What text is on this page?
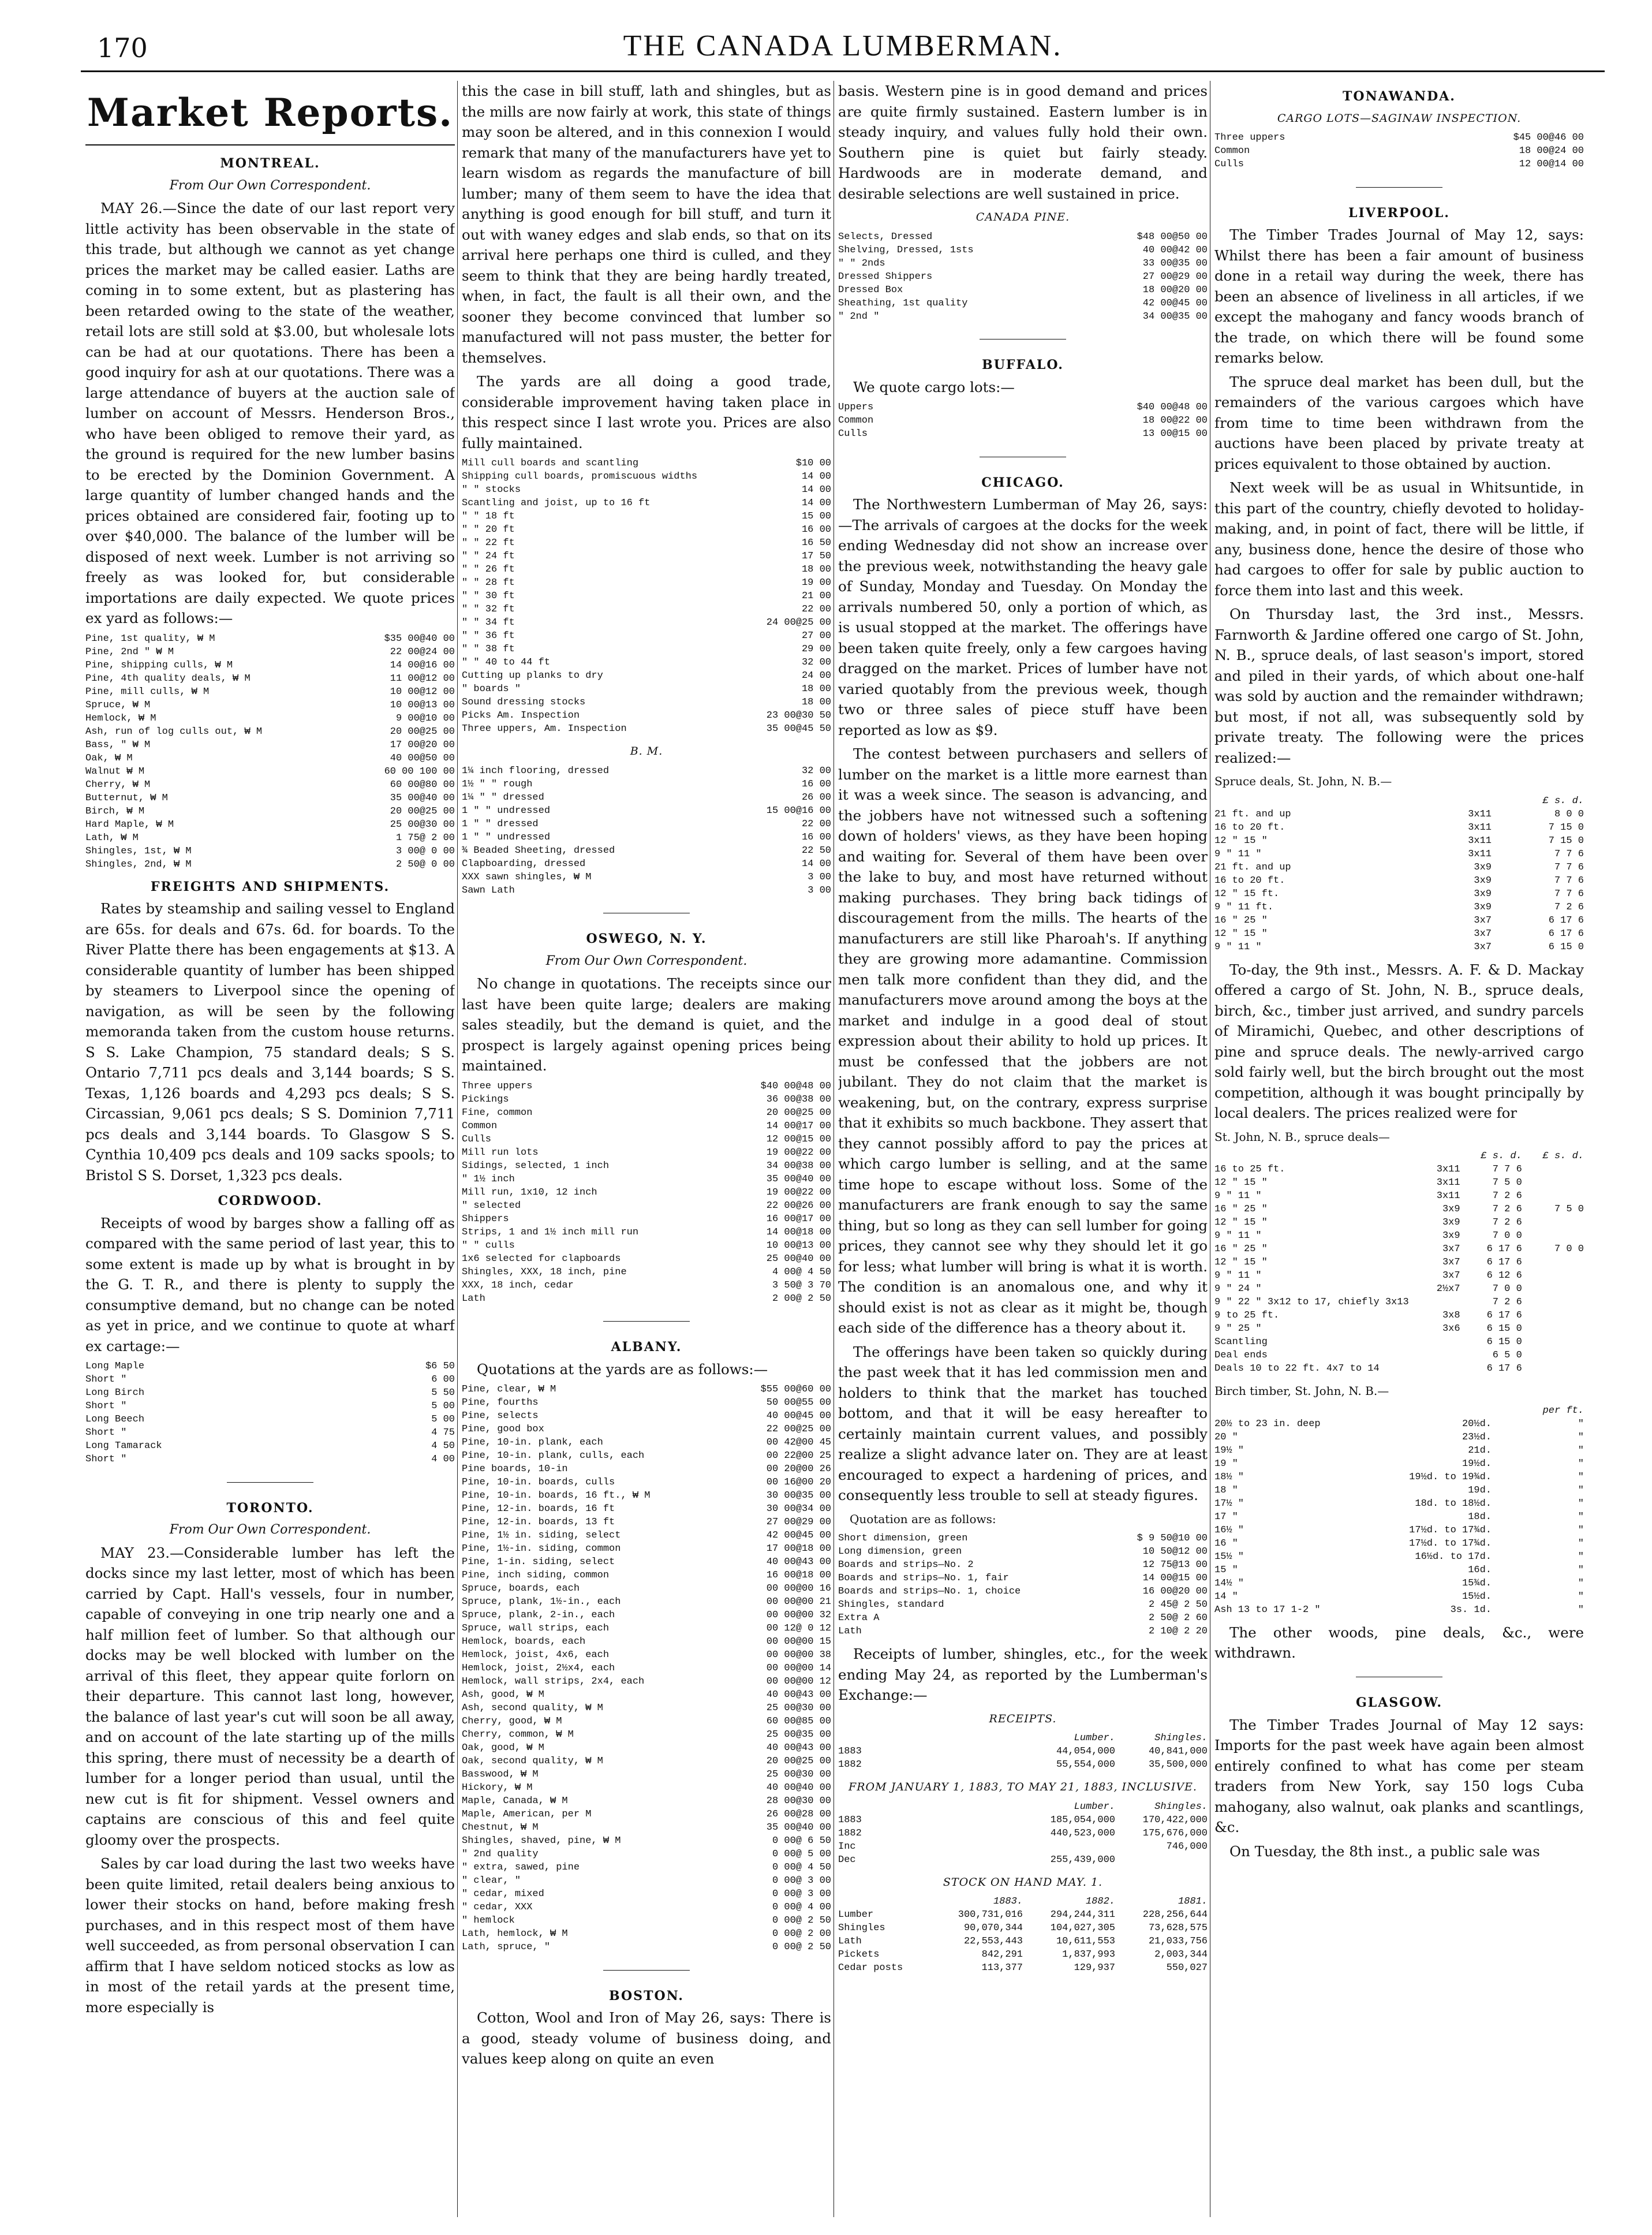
170	THE CANADA LUMBERMAN.
Market Reports.
MONTREAL.
From Our Own Correspondent.

MAY 26.—Since the date of our last report very little activity has been observable in the state of this trade, but although we cannot as yet change prices the market may be called easier. Laths are coming in to some extent, but as plastering has been retarded owing to the state of the weather, retail lots are still sold at $3.00, but wholesale lots can be had at our quotations. There has been a good inquiry for ash at our quotations. There was a large attendance of buyers at the auction sale of lumber on account of Messrs. Henderson Bros., who have been obliged to remove their yard, as the ground is required for the new lumber basins to be erected by the Dominion Government. A large quantity of lumber changed hands and the prices obtained are considered fair, footing up to over $40,000. The balance of the lumber will be disposed of next week. Lumber is not arriving so freely as was looked for, but considerable importations are daily expected. We quote prices ex yard as follows:—

Pine, 1st quality, ₩ M	$35 00@40 00
Pine, 2nd " ₩ M	22 00@24 00
Pine, shipping culls, ₩ M	14 00@16 00
Pine, 4th quality deals, ₩ M	11 00@12 00
Pine, mill culls, ₩ M	10 00@12 00
Spruce, ₩ M	10 00@13 00
Hemlock, ₩ M	9 00@10 00
Ash, run of log culls out, ₩ M	20 00@25 00
Bass, " ₩ M	17 00@20 00
Oak, ₩ M	40 00@50 00
Walnut ₩ M	60 00 100 00
Cherry, ₩ M	60 00@80 00
Butternut, ₩ M	35 00@40 00
Birch, ₩ M	20 00@25 00
Hard Maple, ₩ M	25 00@30 00
Lath, ₩ M	1 75@ 2 00
Shingles, 1st, ₩ M	3 00@ 0 00
Shingles, 2nd, ₩ M	2 50@ 0 00
FREIGHTS AND SHIPMENTS.

Rates by steamship and sailing vessel to England are 65s. for deals and 67s. 6d. for boards. To the River Platte there has been engagements at $13. A considerable quantity of lumber has been shipped by steamers to Liverpool since the opening of navigation, as will be seen by the following memoranda taken from the custom house returns. S S. Lake Champion, 75 standard deals; S S. Ontario 7,711 pcs deals and 3,144 boards; S S. Texas, 1,126 boards and 4,293 pcs deals; S S. Circassian, 9,061 pcs deals; S S. Dominion 7,711 pcs deals and 3,144 boards. To Glasgow S S. Cynthia 10,409 pcs deals and 109 sacks spools; to Bristol S S. Dorset, 1,323 pcs deals.

CORDWOOD.

Receipts of wood by barges show a falling off as compared with the same period of last year, this to some extent is made up by what is brought in by the G. T. R., and there is plenty to supply the consumptive demand, but no change can be noted as yet in price, and we continue to quote at wharf ex cartage:—

Long Maple	$6 50
Short "	6 00
Long Birch	5 50
Short "	5 00
Long Beech	5 00
Short "	4 75
Long Tamarack	4 50
Short "	4 00
TORONTO.
From Our Own Correspondent.

MAY 23.—Considerable lumber has left the docks since my last letter, most of which has been carried by Capt. Hall's vessels, four in number, capable of conveying in one trip nearly one and a half million feet of lumber. So that although our docks may be well blocked with lumber on the arrival of this fleet, they appear quite forlorn on their departure. This cannot last long, however, the balance of last year's cut will soon be all away, and on account of the late starting up of the mills this spring, there must of necessity be a dearth of lumber for a longer period than usual, until the new cut is fit for shipment. Vessel owners and captains are conscious of this and feel quite gloomy over the prospects.

Sales by car load during the last two weeks have been quite limited, retail dealers being anxious to lower their stocks on hand, before making fresh purchases, and in this respect most of them have well succeeded, as from personal observation I can affirm that I have seldom noticed stocks as low as in most of the retail yards at the present time, more especially is

this the case in bill stuff, lath and shingles, but as the mills are now fairly at work, this state of things may soon be altered, and in this connexion I would remark that many of the manufacturers have yet to learn wisdom as regards the manufacture of bill lumber; many of them seem to have the idea that anything is good enough for bill stuff, and turn it out with waney edges and slab ends, so that on its arrival here perhaps one third is culled, and they seem to think that they are being hardly treated, when, in fact, the fault is all their own, and the sooner they become convinced that lumber so manufactured will not pass muster, the better for themselves.

The yards are all doing a good trade, considerable improvement having taken place in this respect since I last wrote you. Prices are also fully maintained.

Mill cull boards and scantling	$10 00
Shipping cull boards, promiscuous widths	14 00
" " stocks	14 00
Scantling and joist, up to 16 ft	14 00
" " 18 ft	15 00
" " 20 ft	16 00
" " 22 ft	16 50
" " 24 ft	17 50
" " 26 ft	18 00
" " 28 ft	19 00
" " 30 ft	21 00
" " 32 ft	22 00
" " 34 ft	24 00@25 00
" " 36 ft	27 00
" " 38 ft	29 00
" " 40 to 44 ft	32 00
Cutting up planks to dry	24 00
" boards "	18 00
Sound dressing stocks	18 00
Picks Am. Inspection	23 00@30 50
Three uppers, Am. Inspection	35 00@45 50
B. M.
1¼ inch flooring, dressed	32 00
1½ " " rough	16 00
1¼ " " dressed	26 00
1 " " undressed	15 00@16 00
1 " " dressed	22 00
1 " " undressed	16 00
¾ Beaded Sheeting, dressed	22 50
Clapboarding, dressed	14 00
XXX sawn shingles, ₩ M	3 00
Sawn Lath	3 00
OSWEGO, N. Y.
From Our Own Correspondent.

No change in quotations. The receipts since our last have been quite large; dealers are making sales steadily, but the demand is quiet, and the prospect is largely against opening prices being maintained.

Three uppers	$40 00@48 00
Pickings	36 00@38 00
Fine, common	20 00@25 00
Common	14 00@17 00
Culls	12 00@15 00
Mill run lots	19 00@22 00
Sidings, selected, 1 inch	34 00@38 00
" 1½ inch	35 00@40 00
Mill run, 1x10, 12 inch	19 00@22 00
" selected	22 00@26 00
Shippers	16 00@17 00
Strips, 1 and 1½ inch mill run	14 00@18 00
" " culls	10 00@13 00
1x6 selected for clapboards	25 00@40 00
Shingles, XXX, 18 inch, pine	4 00@ 4 50
XXX, 18 inch, cedar	3 50@ 3 70
Lath	2 00@ 2 50
ALBANY.

Quotations at the yards are as follows:—

Pine, clear, ₩ M	$55 00@60 00
Pine, fourths	50 00@55 00
Pine, selects	40 00@45 00
Pine, good box	22 00@25 00
Pine, 10-in. plank, each	00 42@00 45
Pine, 10-in. plank, culls, each	00 22@00 25
Pine boards, 10-in	00 20@00 26
Pine, 10-in. boards, culls	00 16@00 20
Pine, 10-in. boards, 16 ft., ₩ M	30 00@35 00
Pine, 12-in. boards, 16 ft	30 00@34 00
Pine, 12-in. boards, 13 ft	27 00@29 00
Pine, 1½ in. siding, select	42 00@45 00
Pine, 1½-in. siding, common	17 00@18 00
Pine, 1-in. siding, select	40 00@43 00
Pine, inch siding, common	16 00@18 00
Spruce, boards, each	00 00@00 16
Spruce, plank, 1½-in., each	00 00@00 21
Spruce, plank, 2-in., each	00 00@00 32
Spruce, wall strips, each	00 12@ 0 12
Hemlock, boards, each	00 00@00 15
Hemlock, joist, 4x6, each	00 00@00 38
Hemlock, joist, 2½x4, each	00 00@00 14
Hemlock, wall strips, 2x4, each	00 00@00 12
Ash, good, ₩ M	40 00@43 00
Ash, second quality, ₩ M	25 00@30 00
Cherry, good, ₩ M	60 00@85 00
Cherry, common, ₩ M	25 00@35 00
Oak, good, ₩ M	40 00@43 00
Oak, second quality, ₩ M	20 00@25 00
Basswood, ₩ M	25 00@30 00
Hickory, ₩ M	40 00@40 00
Maple, Canada, ₩ M	28 00@30 00
Maple, American, per M	26 00@28 00
Chestnut, ₩ M	35 00@40 00
Shingles, shaved, pine, ₩ M	0 00@ 6 50
" 2nd quality	0 00@ 5 00
" extra, sawed, pine	0 00@ 4 50
" clear, "	0 00@ 3 00
" cedar, mixed	0 00@ 3 00
" cedar, XXX	0 00@ 4 00
" hemlock	0 00@ 2 50
Lath, hemlock, ₩ M	0 00@ 2 00
Lath, spruce, "	0 00@ 2 50
BOSTON.

Cotton, Wool and Iron of May 26, says: There is a good, steady volume of business doing, and values keep along on quite an even

basis. Western pine is in good demand and prices are quite firmly sustained. Eastern lumber is in steady inquiry, and values fully hold their own. Southern pine is quiet but fairly steady. Hardwoods are in moderate demand, and desirable selections are well sustained in price.

CANADA PINE.
Selects, Dressed	$48 00@50 00
Shelving, Dressed, 1sts	40 00@42 00
" " 2nds	33 00@35 00
Dressed Shippers	27 00@29 00
Dressed Box	18 00@20 00
Sheathing, 1st quality	42 00@45 00
" 2nd "	34 00@35 00
BUFFALO.

We quote cargo lots:—

Uppers	$40 00@48 00
Common	18 00@22 00
Culls	13 00@15 00
CHICAGO.

The Northwestern Lumberman of May 26, says:—The arrivals of cargoes at the docks for the week ending Wednesday did not show an increase over the previous week, notwithstanding the heavy gale of Sunday, Monday and Tuesday. On Monday the arrivals numbered 50, only a portion of which, as is usual stopped at the market. The offerings have been taken quite freely, only a few cargoes having dragged on the market. Prices of lumber have not varied quotably from the previous week, though two or three sales of piece stuff have been reported as low as $9.

The contest between purchasers and sellers of lumber on the market is a little more earnest than it was a week since. The season is advancing, and the jobbers have not witnessed such a softening down of holders' views, as they have been hoping and waiting for. Several of them have been over the lake to buy, and most have returned without making purchases. They bring back tidings of discouragement from the mills. The hearts of the manufacturers are still like Pharoah's. If anything they are growing more adamantine. Commission men talk more confident than they did, and the manufacturers move around among the boys at the market and indulge in a good deal of stout expression about their ability to hold up prices. It must be confessed that the jobbers are not jubilant. They do not claim that the market is weakening, but, on the contrary, express surprise that it exhibits so much backbone. They assert that they cannot possibly afford to pay the prices at which cargo lumber is selling, and at the same time hope to escape without loss. Some of the manufacturers are frank enough to say the same thing, but so long as they can sell lumber for going prices, they cannot see why they should let it go for less; what lumber will bring is what it is worth. The condition is an anomalous one, and why it should exist is not as clear as it might be, though each side of the difference has a theory about it.

The offerings have been taken so quickly during the past week that it has led commission men and holders to think that the market has touched bottom, and that it will be easy hereafter to certainly maintain current values, and possibly realize a slight advance later on. They are at least encouraged to expect a hardening of prices, and consequently less trouble to sell at steady figures.

Quotation are as follows:
Short dimension, green	$ 9 50@10 00
Long dimension, green	10 50@12 00
Boards and strips—No. 2	12 75@13 00
Boards and strips—No. 1, fair	14 00@15 00
Boards and strips—No. 1, choice	16 00@20 00
Shingles, standard	2 45@ 2 50
Extra A	2 50@ 2 60
Lath	2 10@ 2 20

Receipts of lumber, shingles, etc., for the week ending May 24, as reported by the Lumberman's Exchange:—

RECEIPTS.
	Lumber.	Shingles.
1883	44,054,000	40,841,000
1882	55,554,000	35,500,000
FROM JANUARY 1, 1883, TO MAY 21, 1883, INCLUSIVE.
	Lumber.	Shingles.
1883	185,054,000	170,422,000
1882	440,523,000	175,676,000
Inc		746,000
Dec	255,439,000	
STOCK ON HAND MAY. 1.
	1883.	1882.	1881.
Lumber	300,731,016	294,244,311	228,256,644
Shingles	90,070,344	104,027,305	73,628,575
Lath	22,553,443	10,611,553	21,033,756
Pickets	842,291	1,837,993	2,003,344
Cedar posts	113,377	129,937	550,027
TONAWANDA.
CARGO LOTS—SAGINAW INSPECTION.
Three uppers	$45 00@46 00
Common	18 00@24 00
Culls	12 00@14 00
LIVERPOOL.

The Timber Trades Journal of May 12, says: Whilst there has been a fair amount of business done in a retail way during the week, there has been an absence of liveliness in all articles, if we except the mahogany and fancy woods branch of the trade, on which there will be found some remarks below.

The spruce deal market has been dull, but the remainders of the various cargoes which have from time to time been withdrawn from the auctions have been placed by private treaty at prices equivalent to those obtained by auction.

Next week will be as usual in Whitsuntide, in this part of the country, chiefly devoted to holiday-making, and, in point of fact, there will be little, if any, business done, hence the desire of those who had cargoes to offer for sale by public auction to force them into last and this week.

On Thursday last, the 3rd inst., Messrs. Farnworth & Jardine offered one cargo of St. John, N. B., spruce deals, of last season's import, stored and piled in their yards, of which about one-half was sold by auction and the remainder withdrawn; but most, if not all, was subsequently sold by private treaty. The following were the prices realized:—

Spruce deals, St. John, N. B.—
		£ s. d.
21 ft. and up	3x11	8 0 0
16 to 20 ft.	3x11	7 15 0
12 " 15 "	3x11	7 15 0
9 " 11 "	3x11	7 7 6
21 ft. and up	3x9	7 7 6
16 to 20 ft.	3x9	7 7 6
12 " 15 ft.	3x9	7 7 6
9 " 11 ft.	3x9	7 2 6
16 " 25 "	3x7	6 17 6
12 " 15 "	3x7	6 17 6
9 " 11 "	3x7	6 15 0

To-day, the 9th inst., Messrs. A. F. & D. Mackay offered a cargo of St. John, N. B., spruce deals, birch, &c., timber just arrived, and sundry parcels of Miramichi, Quebec, and other descriptions of pine and spruce deals. The newly-arrived cargo sold fairly well, but the birch brought out the most competition, although it was bought principally by local dealers. The prices realized were for

St. John, N. B., spruce deals—
		£ s. d.	£ s. d.
16 to 25 ft.	3x11	7 7 6	
12 " 15 "	3x11	7 5 0	
9 " 11 "	3x11	7 2 6	
16 " 25 "	3x9	7 2 6	7 5 0
12 " 15 "	3x9	7 2 6	
9 " 11 "	3x9	7 0 0	
16 " 25 "	3x7	6 17 6	7 0 0
12 " 15 "	3x7	6 17 6	
9 " 11 "	3x7	6 12 6	
9 " 24 "	2½x7	7 0 0	
9 " 22 " 3x12 to 17, chiefly 3x13		7 2 6	
9 to 25 ft.	3x8	6 17 6	
9 " 25 "	3x6	6 15 0	
Scantling		6 15 0	
Deal ends		6 5 0	
Deals 10 to 22 ft. 4x7 to 14		6 17 6	
Birch timber, St. John, N. B.—
		per ft.
20½ to 23 in. deep	20½d.	"
20 "	23½d.	"
19½ "	21d.	"
19 "	19½d.	"
18½ "	19½d. to 19¾d.	"
18 "	19d.	"
17½ "	18d. to 18½d.	"
17 "	18d.	"
16½ "	17½d. to 17¾d.	"
16 "	17½d. to 17¾d.	"
15½ "	16½d. to 17d.	"
15 "	16d.	"
14½ "	15¾d.	"
14 "	15½d.	"
Ash 13 to 17 1-2 "	3s. 1d.	"

The other woods, pine deals, &c., were withdrawn.

GLASGOW.

The Timber Trades Journal of May 12 says: Imports for the past week have again been almost entirely confined to what has come per steam traders from New York, say 150 logs Cuba mahogany, also walnut, oak planks and scantlings, &c.

On Tuesday, the 8th inst., a public sale was
